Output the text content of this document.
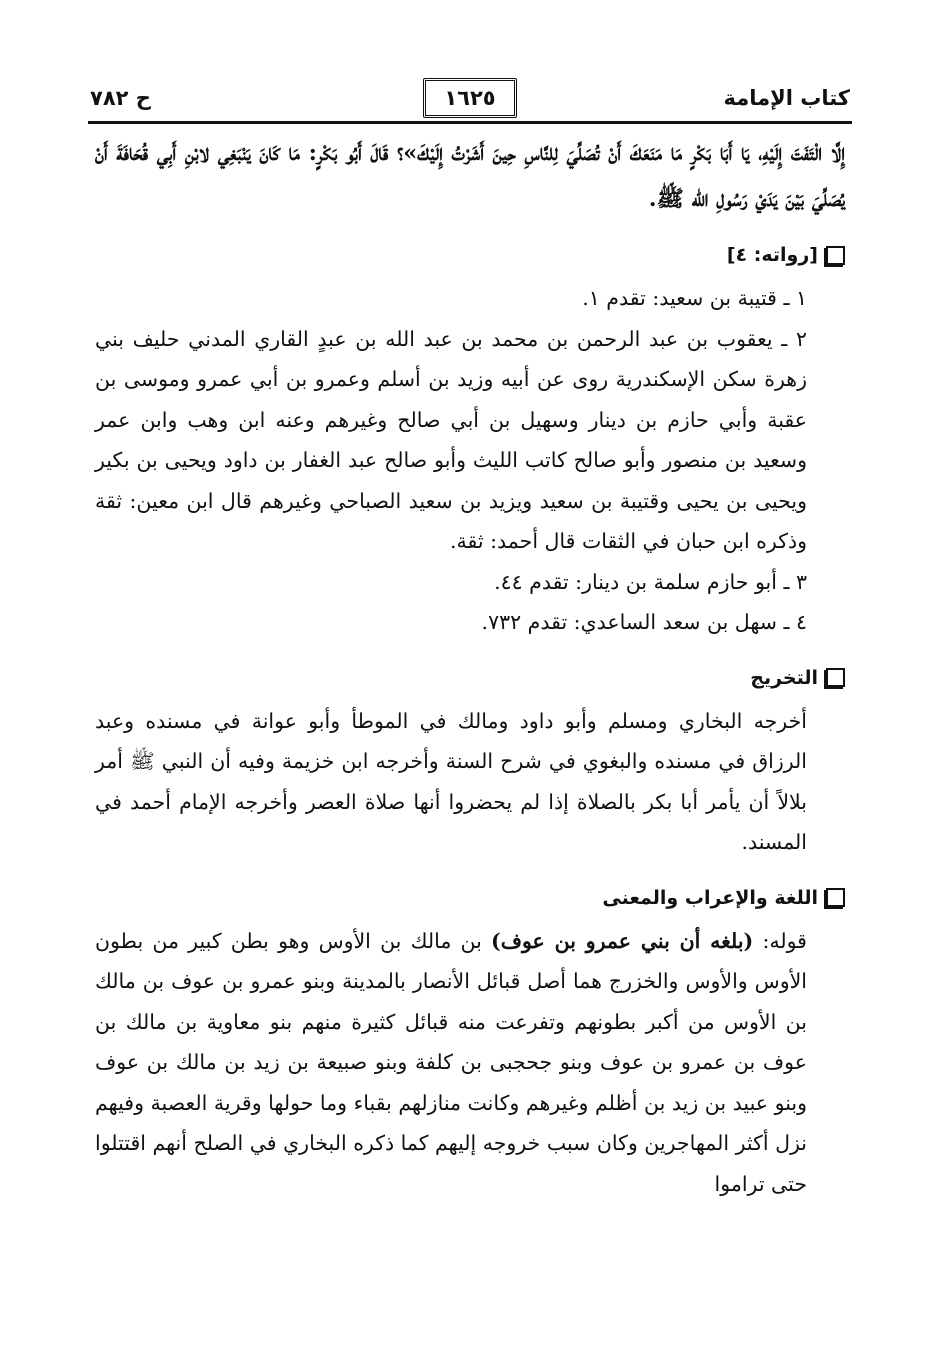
كتاب الإمامة
١٦٢٥
ح ٧٨٢

إِلَّا الْتَفَتَ إِلَيْهِ، يَا أَبَا بَكْرٍ مَا مَنَعَكَ أَنْ تُصَلِّيَ لِلنَّاسِ حِينَ أَشَرْتُ إِلَيْكَ»؟ قَالَ أَبُو بَكْرٍ: مَا كَانَ يَنْبَغِي لابْنِ أَبِي قُحَافَةَ أَنْ يُصَلِّيَ بَيْنَ يَدَيْ رَسُولِ الله ﷺ.

[رواته: ٤]

١ ـ قتيبة بن سعيد: تقدم ١.

٢ ـ يعقوب بن عبد الرحمن بن محمد بن عبد الله بن عبدٍ القاري المدني حليف بني زهرة سكن الإسكندرية روى عن أبيه وزيد بن أسلم وعمرو بن أبي عمرو وموسى بن عقبة وأبي حازم بن دينار وسهيل بن أبي صالح وغيرهم وعنه ابن وهب وابن عمر وسعيد بن منصور وأبو صالح كاتب الليث وأبو صالح عبد الغفار بن داود ويحيى بن بكير ويحيى بن يحيى وقتيبة بن سعيد ويزيد بن سعيد الصباحي وغيرهم قال ابن معين: ثقة وذكره ابن حبان في الثقات قال أحمد: ثقة.

٣ ـ أبو حازم سلمة بن دينار: تقدم ٤٤.

٤ ـ سهل بن سعد الساعدي: تقدم ٧٣٢.

التخريج

أخرجه البخاري ومسلم وأبو داود ومالك في الموطأ وأبو عوانة في مسنده وعبد الرزاق في مسنده والبغوي في شرح السنة وأخرجه ابن خزيمة وفيه أن النبي ﷺ أمر بلالاً أن يأمر أبا بكر بالصلاة إذا لم يحضروا أنها صلاة العصر وأخرجه الإمام أحمد في المسند.

اللغة والإعراب والمعنى

قوله: (بلغه أن بني عمرو بن عوف) بن مالك بن الأوس وهو بطن كبير من بطون الأوس والأوس والخزرج هما أصل قبائل الأنصار بالمدينة وبنو عمرو بن عوف بن مالك بن الأوس من أكبر بطونهم وتفرعت منه قبائل كثيرة منهم بنو معاوية بن مالك بن عوف بن عمرو بن عوف وبنو جحجبى بن كلفة وبنو صبيعة بن زيد بن مالك بن عوف وبنو عبيد بن زيد بن أظلم وغيرهم وكانت منازلهم بقباء وما حولها وقرية العصبة وفيهم نزل أكثر المهاجرين وكان سبب خروجه إليهم كما ذكره البخاري في الصلح أنهم اقتتلوا حتى تراموا
